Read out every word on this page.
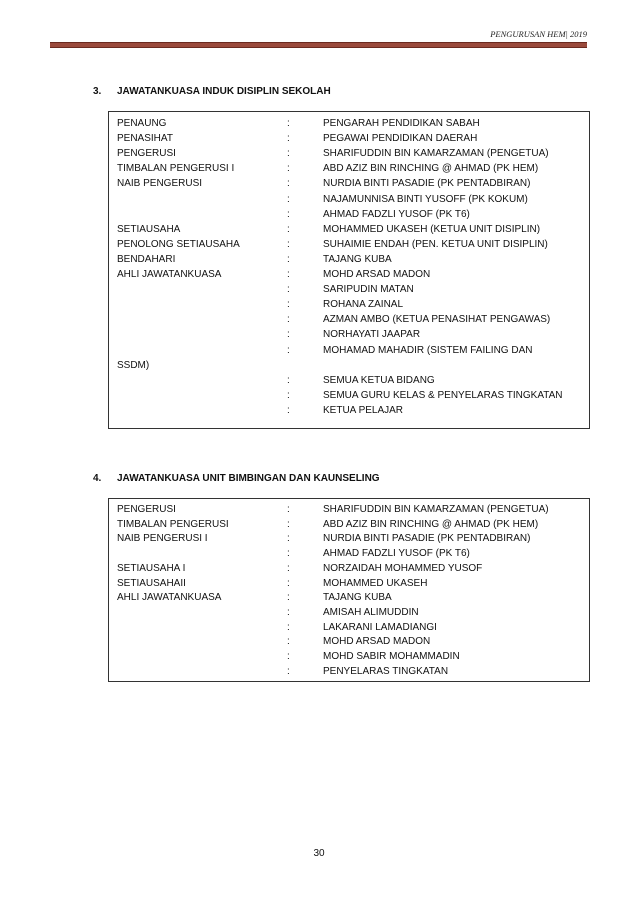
PENGURUSAN HEM| 2019
3. JAWATANKUASA INDUK DISIPLIN SEKOLAH
PENAUNG	:	PENGARAH PENDIDIKAN SABAH
PENASIHAT	:	PEGAWAI PENDIDIKAN DAERAH
PENGERUSI	:	SHARIFUDDIN BIN KAMARZAMAN (PENGETUA)
TIMBALAN PENGERUSI I	:	ABD AZIZ BIN RINCHING @ AHMAD (PK HEM)
NAIB PENGERUSI	:	NURDIA BINTI PASADIE (PK PENTADBIRAN)
:	NAJAMUNNISA BINTI YUSOFF (PK KOKUM)
:	AHMAD FADZLI YUSOF (PK T6)
SETIAUSAHA	:	MOHAMMED UKASEH (KETUA UNIT DISIPLIN)
PENOLONG SETIAUSAHA	:	SUHAIMIE ENDAH (PEN. KETUA UNIT DISIPLIN)
BENDAHARI	:	TAJANG KUBA
AHLI JAWATANKUASA	:	MOHD ARSAD MADON
:	SARIPUDIN MATAN
:	ROHANA ZAINAL
:	AZMAN AMBO (KETUA PENASIHAT PENGAWAS)
:	NORHAYATI JAAPAR
:	MOHAMAD MAHADIR (SISTEM FAILING DAN
SSDM)
:	SEMUA KETUA BIDANG
:	SEMUA GURU KELAS & PENYELARAS TINGKATAN
:	KETUA PELAJAR
4. JAWATANKUASA UNIT BIMBINGAN DAN KAUNSELING
PENGERUSI	:	SHARIFUDDIN BIN KAMARZAMAN (PENGETUA)
TIMBALAN PENGERUSI	:	ABD AZIZ BIN RINCHING @ AHMAD (PK HEM)
NAIB PENGERUSI I	:	NURDIA BINTI PASADIE (PK PENTADBIRAN)
:	AHMAD FADZLI YUSOF (PK T6)
SETIAUSAHA I	:	NORZAIDAH MOHAMMED YUSOF
SETIAUSAHAII	:	MOHAMMED UKASEH
AHLI JAWATANKUASA	:	TAJANG KUBA
:	AMISAH ALIMUDDIN
:	LAKARANI LAMADIANGI
:	MOHD ARSAD MADON
:	MOHD SABIR MOHAMMADIN
:	PENYELARAS TINGKATAN
30
